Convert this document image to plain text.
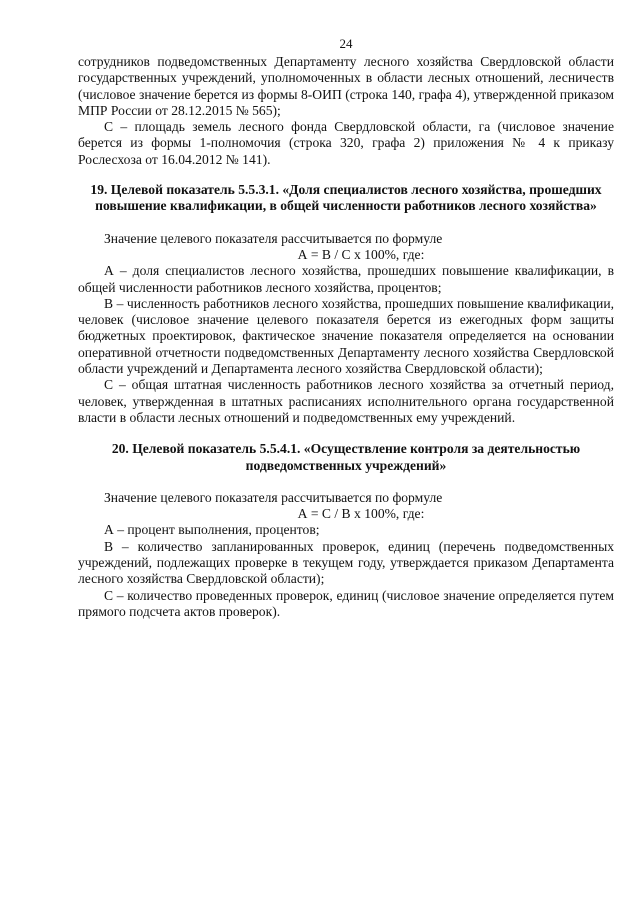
24

сотрудников подведомственных Департаменту лесного хозяйства Свердловской области государственных учреждений, уполномоченных в области лесных отношений, лесничеств (числовое значение берется из формы 8-ОИП (строка 140, графа 4), утвержденной приказом МПР России от 28.12.2015 № 565);

С – площадь земель лесного фонда Свердловской области, га (числовое значение берется из формы 1-полномочия (строка 320, графа 2) приложения № 4 к приказу Рослесхоза от 16.04.2012 № 141).

19. Целевой показатель 5.5.3.1. «Доля специалистов лесного хозяйства, прошедших повышение квалификации, в общей численности работников лесного хозяйства»

Значение целевого показателя рассчитывается по формуле

А = В / С х 100%, где:

А – доля специалистов лесного хозяйства, прошедших повышение квалификации, в общей численности работников лесного хозяйства, процентов;

В – численность работников лесного хозяйства, прошедших повышение квалификации, человек (числовое значение целевого показателя берется из ежегодных форм защиты бюджетных проектировок, фактическое значение показателя определяется на основании оперативной отчетности подведомственных Департаменту лесного хозяйства Свердловской области учреждений и Департамента лесного хозяйства Свердловской области);

С – общая штатная численность работников лесного хозяйства за отчетный период, человек, утвержденная в штатных расписаниях исполнительного органа государственной власти в области лесных отношений и подведомственных ему учреждений.

20. Целевой показатель 5.5.4.1. «Осуществление контроля за деятельностью подведомственных учреждений»

Значение целевого показателя рассчитывается по формуле

А = С / В х 100%, где:

А – процент выполнения, процентов;

В – количество запланированных проверок, единиц (перечень подведомственных учреждений, подлежащих проверке в текущем году, утверждается приказом Департамента лесного хозяйства Свердловской области);

С – количество проведенных проверок, единиц (числовое значение определяется путем прямого подсчета актов проверок).
